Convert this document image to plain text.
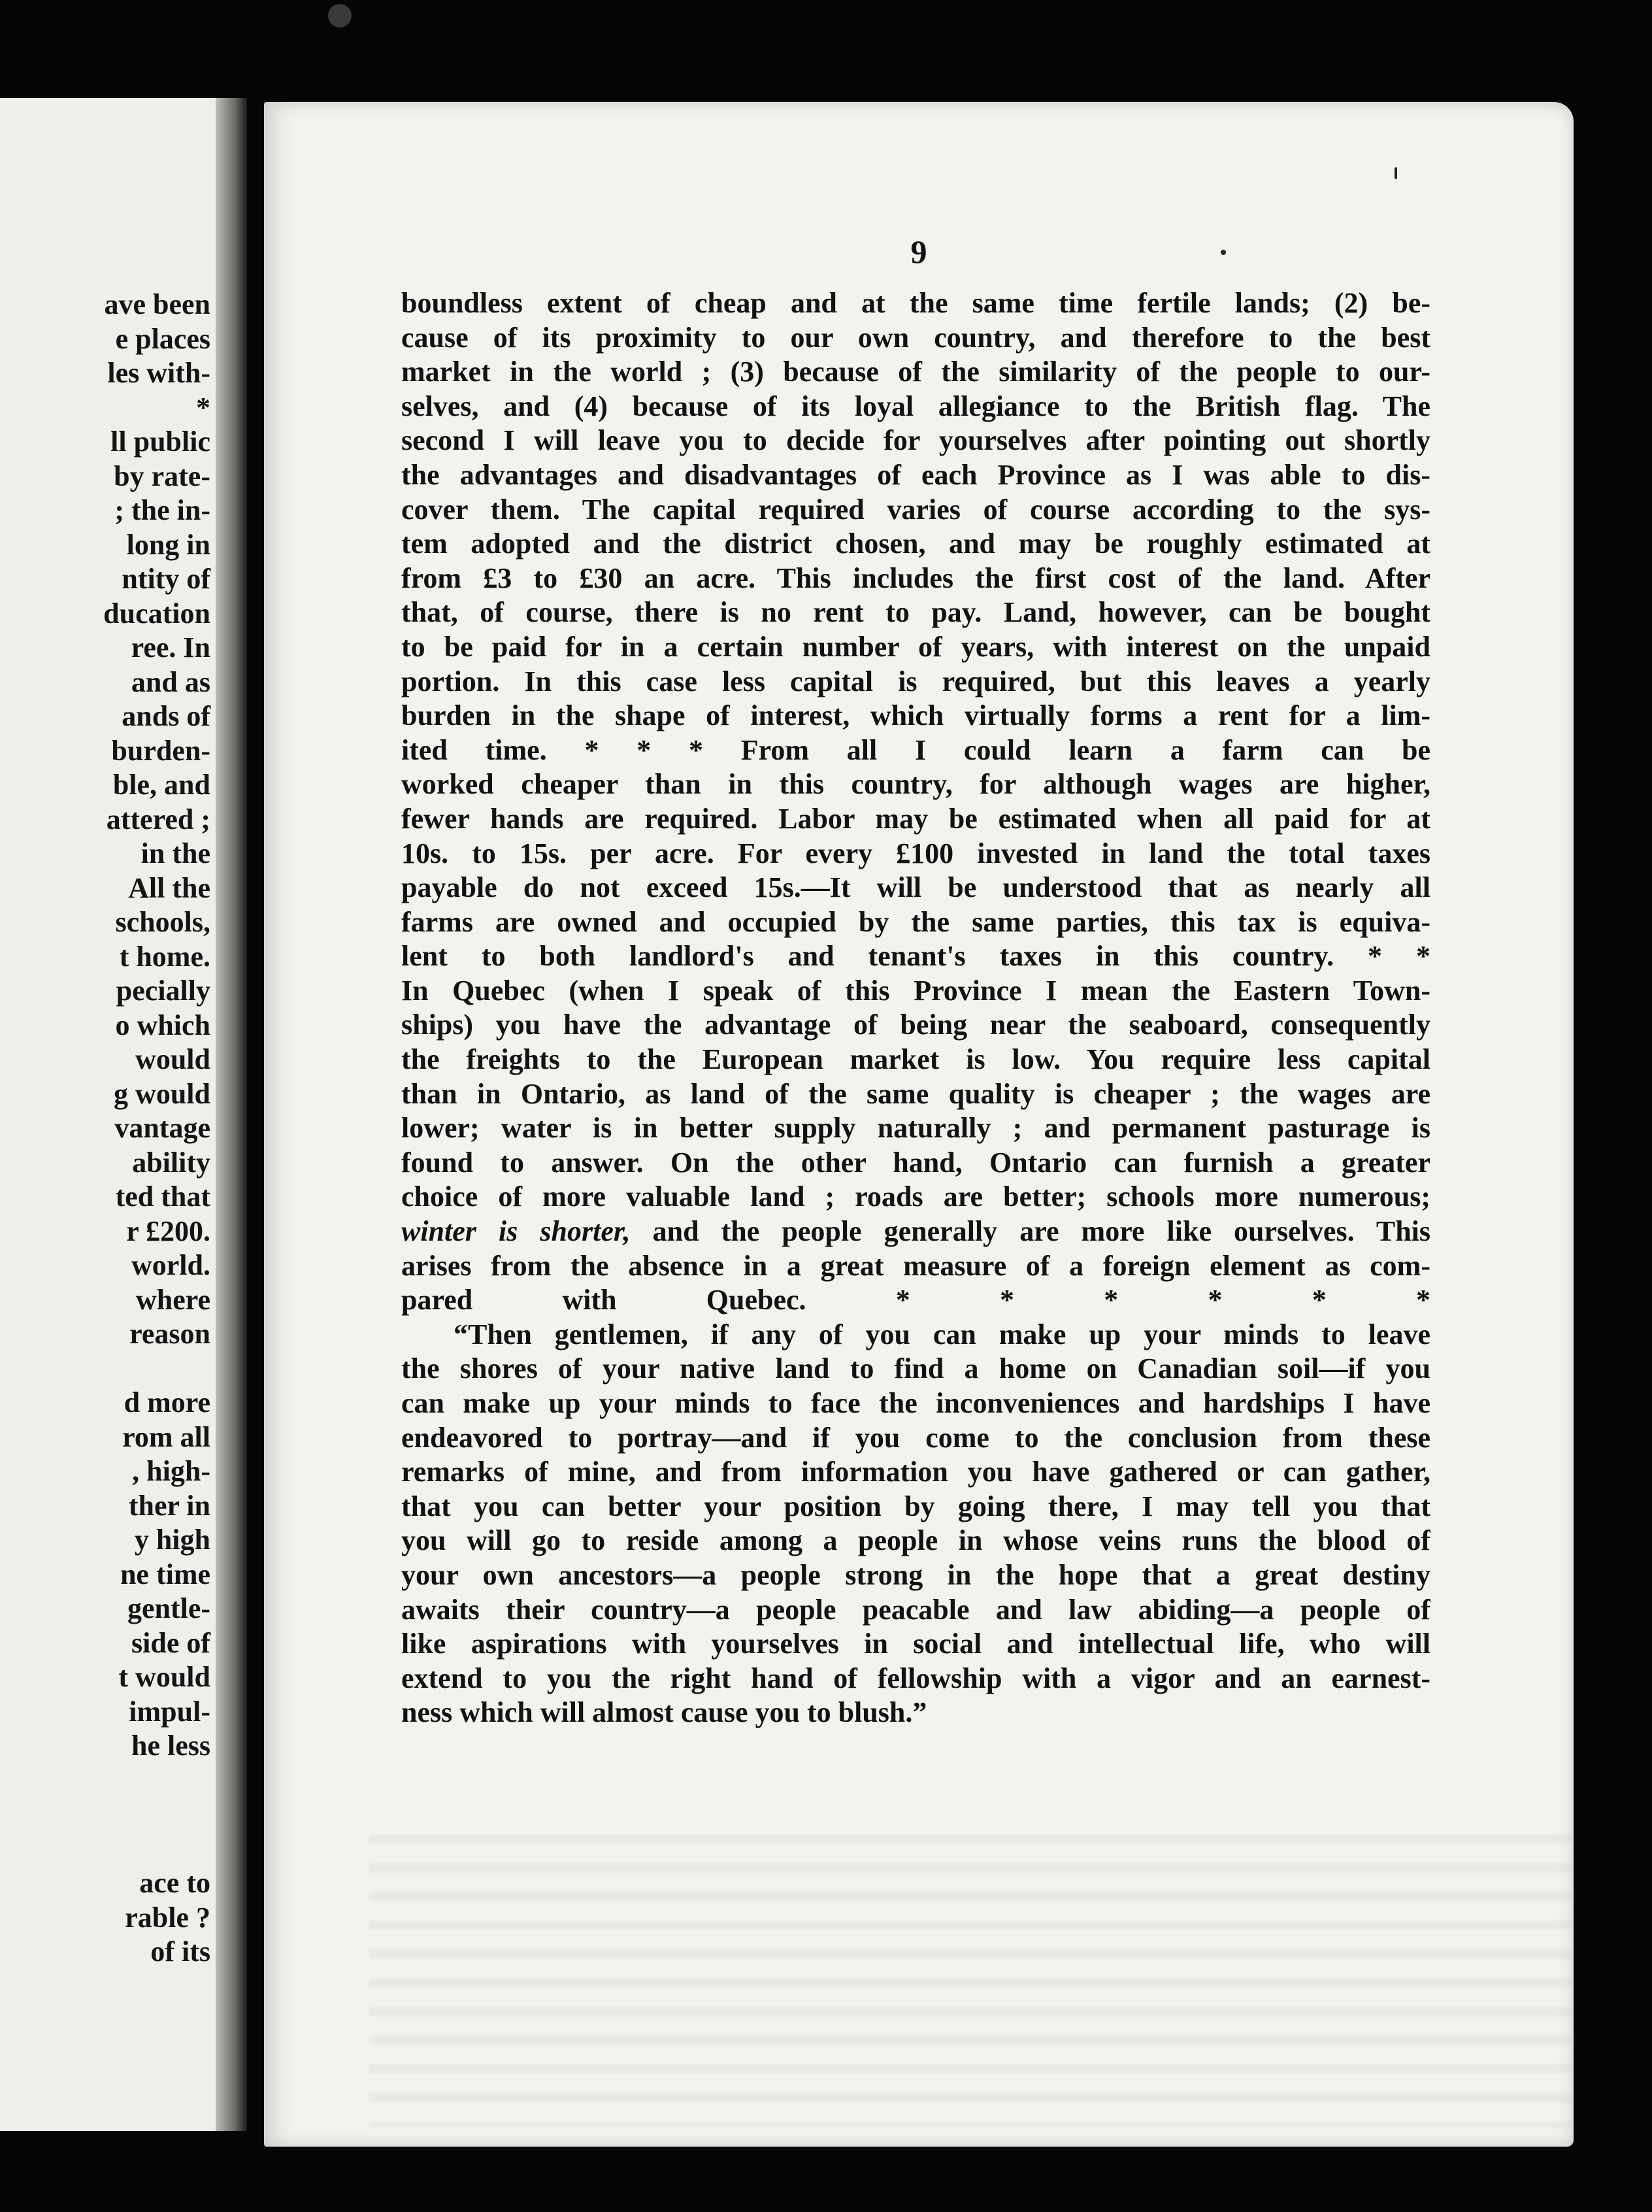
ave been
e places
les with-
*
ll public
by rate-
; the in-
long in
ntity of
ducation
ree. In
and as
ands of
burden-
ble, and
attered ;
in the
All the
schools,
t home.
pecially
o which
would
g would
vantage
ability
ted that
r £200.
world.
where
reason
d more
rom all
, high-
ther in
y high
ne time
gentle-
side of
t would
impul-
he less
ace to
rable ?
of its
9
boundless extent of cheap and at the same time fertile lands; (2) be-
cause of its proximity to our own country, and therefore to the best
market in the world ; (3) because of the similarity of the people to our-
selves, and (4) because of its loyal allegiance to the British flag. The
second I will leave you to decide for yourselves after pointing out shortly
the advantages and disadvantages of each Province as I was able to dis-
cover them. The capital required varies of course according to the sys-
tem adopted and the district chosen, and may be roughly estimated at
from £3 to £30 an acre. This includes the first cost of the land. After
that, of course, there is no rent to pay. Land, however, can be bought
to be paid for in a certain number of years, with interest on the unpaid
portion. In this case less capital is required, but this leaves a yearly
burden in the shape of interest, which virtually forms a rent for a lim-
ited time. * * * From all I could learn a farm can be
worked cheaper than in this country, for although wages are higher,
fewer hands are required. Labor may be estimated when all paid for at
10s. to 15s. per acre. For every £100 invested in land the total taxes
payable do not exceed 15s.—It will be understood that as nearly all
farms are owned and occupied by the same parties, this tax is equiva-
lent to both landlord's and tenant's taxes in this country. * *
In Quebec (when I speak of this Province I mean the Eastern Town-
ships) you have the advantage of being near the seaboard, consequently
the freights to the European market is low. You require less capital
than in Ontario, as land of the same quality is cheaper ; the wages are
lower; water is in better supply naturally ; and permanent pasturage is
found to answer. On the other hand, Ontario can furnish a greater
choice of more valuable land ; roads are better; schools more numerous;
winter is shorter, and the people generally are more like ourselves. This
arises from the absence in a great measure of a foreign element as com-
pared with Quebec. * * * * * *
“Then gentlemen, if any of you can make up your minds to leave
the shores of your native land to find a home on Canadian soil—if you
can make up your minds to face the inconveniences and hardships I have
endeavored to portray—and if you come to the conclusion from these
remarks of mine, and from information you have gathered or can gather,
that you can better your position by going there, I may tell you that
you will go to reside among a people in whose veins runs the blood of
your own ancestors—a people strong in the hope that a great destiny
awaits their country—a people peacable and law abiding—a people of
like aspirations with yourselves in social and intellectual life, who will
extend to you the right hand of fellowship with a vigor and an earnest-
ness which will almost cause you to blush.”
